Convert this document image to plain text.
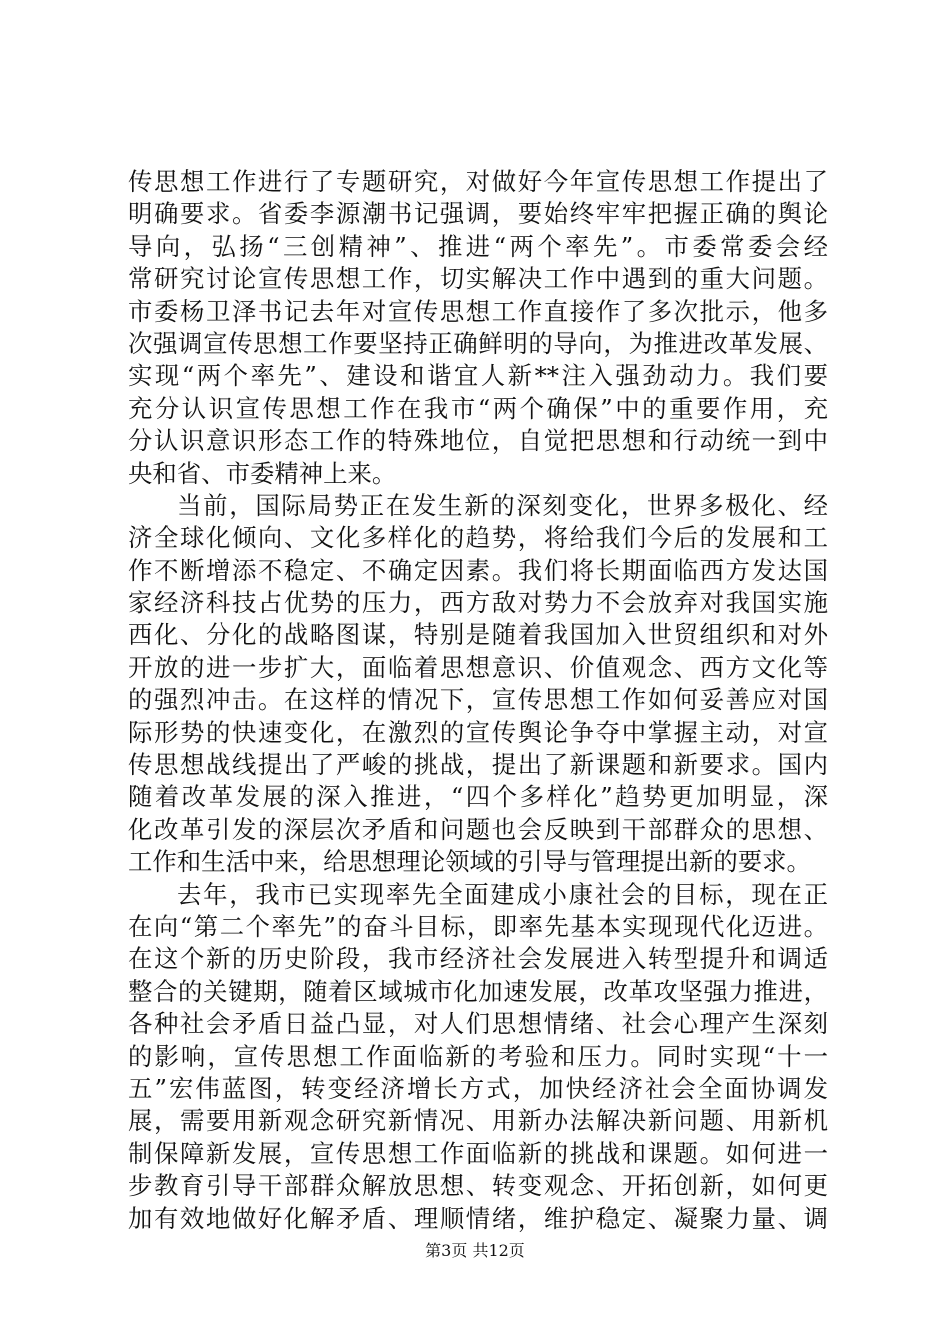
传思想工作进行了专题研究，对做好今年宣传思想工作提出了
明确要求。省委李源潮书记强调，要始终牢牢把握正确的舆论
导向，弘扬“三创精神”、推进“两个率先”。市委常委会经
常研究讨论宣传思想工作，切实解决工作中遇到的重大问题。
市委杨卫泽书记去年对宣传思想工作直接作了多次批示，他多
次强调宣传思想工作要坚持正确鲜明的导向，为推进改革发展、
实现“两个率先”、建设和谐宜人新**注入强劲动力。我们要
充分认识宣传思想工作在我市“两个确保”中的重要作用，充
分认识意识形态工作的特殊地位，自觉把思想和行动统一到中
央和省、市委精神上来。
当前，国际局势正在发生新的深刻变化，世界多极化、经
济全球化倾向、文化多样化的趋势，将给我们今后的发展和工
作不断增添不稳定、不确定因素。我们将长期面临西方发达国
家经济科技占优势的压力，西方敌对势力不会放弃对我国实施
西化、分化的战略图谋，特别是随着我国加入世贸组织和对外
开放的进一步扩大，面临着思想意识、价值观念、西方文化等
的强烈冲击。在这样的情况下，宣传思想工作如何妥善应对国
际形势的快速变化，在激烈的宣传舆论争夺中掌握主动，对宣
传思想战线提出了严峻的挑战，提出了新课题和新要求。国内
随着改革发展的深入推进，“四个多样化”趋势更加明显，深
化改革引发的深层次矛盾和问题也会反映到干部群众的思想、
工作和生活中来，给思想理论领域的引导与管理提出新的要求。
去年，我市已实现率先全面建成小康社会的目标，现在正
在向“第二个率先”的奋斗目标，即率先基本实现现代化迈进。
在这个新的历史阶段，我市经济社会发展进入转型提升和调适
整合的关键期，随着区域城市化加速发展，改革攻坚强力推进，
各种社会矛盾日益凸显，对人们思想情绪、社会心理产生深刻
的影响，宣传思想工作面临新的考验和压力。同时实现“十一
五”宏伟蓝图，转变经济增长方式，加快经济社会全面协调发
展，需要用新观念研究新情况、用新办法解决新问题、用新机
制保障新发展，宣传思想工作面临新的挑战和课题。如何进一
步教育引导干部群众解放思想、转变观念、开拓创新，如何更
加有效地做好化解矛盾、理顺情绪，维护稳定、凝聚力量、调
第3页 共12页
